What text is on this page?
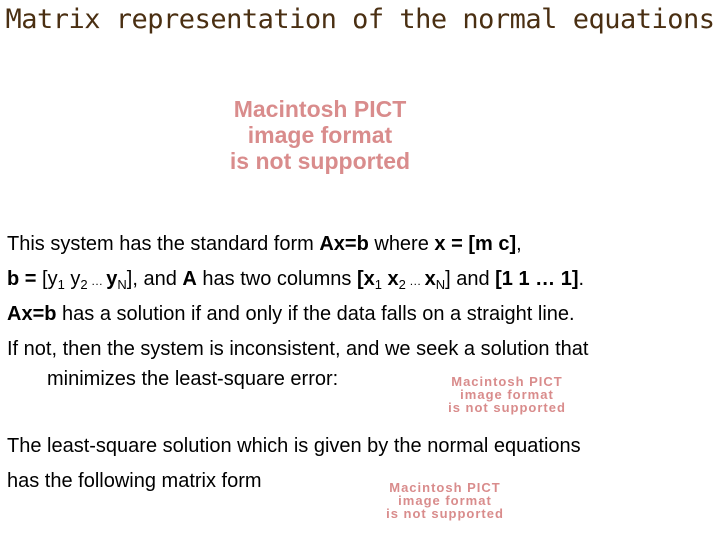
Matrix representation of the normal equations
Macintosh PICT
image format
is not supported
This system has the standard form Ax=b where x = [m c],
$b = [y_1$ $y_2$ … $y_N$], and A has two columns [$x_1$ $x_2$ … $x_N$] and [1 1 … 1].
Ax=b has a solution if and only if the data falls on a straight line.
If not, then the system is inconsistent, and we seek a solution that
minimizes the least-square error:	Macintosh PICT
image format
is not supported
The least-square solution which is given by the normal equations
has the following matrix form	Macintosh PICT
image format
is not supported
